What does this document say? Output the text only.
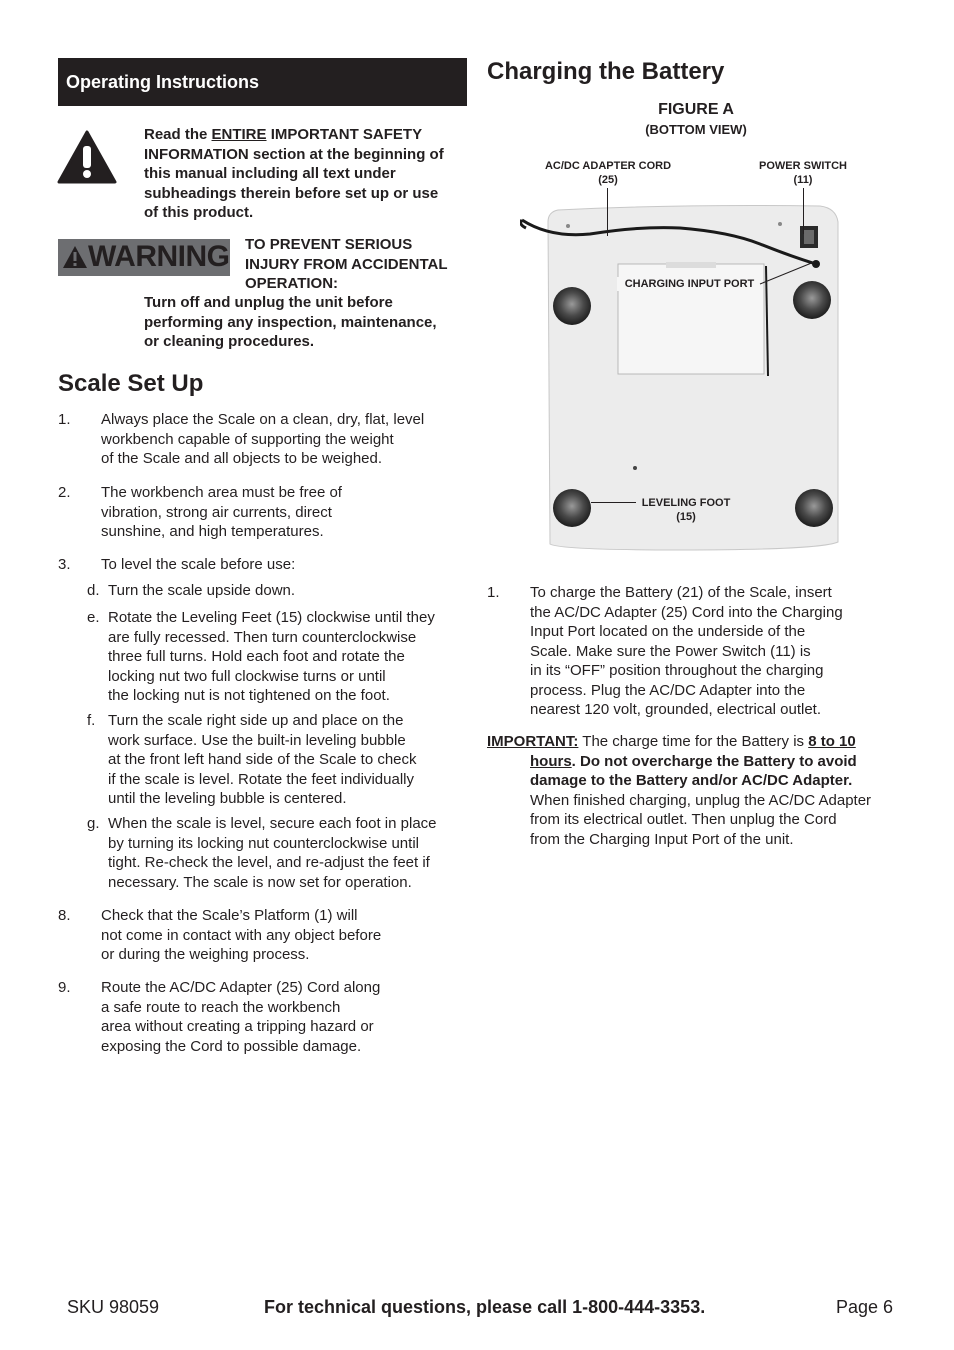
Operating Instructions
Read the ENTIRE IMPORTANT SAFETY
INFORMATION section at the beginning of
this manual including all text under
subheadings therein before set up or use
of this product.
WARNING TO PREVENT SERIOUS
INJURY FROM ACCIDENTAL
OPERATION:
Turn off and unplug the unit before
performing any inspection, maintenance,
or cleaning procedures.
Scale Set Up
1. Always place the Scale on a clean, dry, flat, level
workbench capable of supporting the weight
of the Scale and all objects to be weighed.
2. The workbench area must be free of
vibration, strong air currents, direct
sunshine, and high temperatures.
3. To level the scale before use:
d. Turn the scale upside down.
e. Rotate the Leveling Feet (15) clockwise until they
are fully recessed. Then turn counterclockwise
three full turns. Hold each foot and rotate the
locking nut two full clockwise turns or until
the locking nut is not tightened on the foot.
f. Turn the scale right side up and place on the
work surface. Use the built-in leveling bubble
at the front left hand side of the Scale to check
if the scale is level. Rotate the feet individually
until the leveling bubble is centered.
g. When the scale is level, secure each foot in place
by turning its locking nut counterclockwise until
tight. Re-check the level, and re-adjust the feet if
necessary. The scale is now set for operation.
8. Check that the Scale’s Platform (1) will
not come in contact with any object before
or during the weighing process.
9. Route the AC/DC Adapter (25) Cord along
a safe route to reach the workbench
area without creating a tripping hazard or
exposing the Cord to possible damage.
Charging the Battery
FIGURE A
(BOTTOM VIEW)
AC/DC ADAPTER CORD
(25)
POWER SWITCH
(11)
CHARGING INPUT PORT
LEVELING FOOT
(15)
1. To charge the Battery (21) of the Scale, insert
the AC/DC Adapter (25) Cord into the Charging
Input Port located on the underside of the
Scale. Make sure the Power Switch (11) is
in its “OFF” position throughout the charging
process. Plug the AC/DC Adapter into the
nearest 120 volt, grounded, electrical outlet.
IMPORTANT: The charge time for the Battery is 8 to 10
hours. Do not overcharge the Battery to avoid
damage to the Battery and/or AC/DC Adapter.
When finished charging, unplug the AC/DC Adapter
from its electrical outlet. Then unplug the Cord
from the Charging Input Port of the unit.
SKU 98059	For technical questions, please call 1-800-444-3353.	Page 6
